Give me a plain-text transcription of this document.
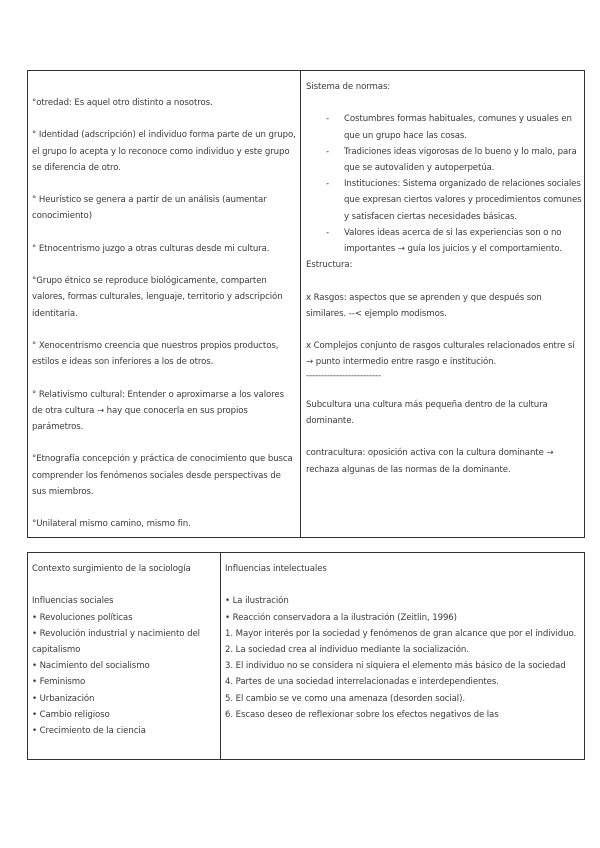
°otredad: Es aquel otro distinto a nosotros.

° Identidad (adscripción) el individuo forma parte de un grupo, el grupo lo acepta y lo reconoce como individuo y este grupo se diferencia de otro.

° Heurístico se genera a partir de un análisis (aumentar conocimiento)

° Etnocentrismo juzgo a otras culturas desde mi cultura.

°Grupo étnico se reproduce biológicamente, comparten valores, formas culturales, lenguaje, territorio y adscripción identitaria.

° Xenocentrismo creencia que nuestros propios productos, estilos e ideas son inferiores a los de otros.

° Relativismo cultural: Entender o aproximarse a los valores de otra cultura → hay que conocerla en sus propios parámetros.

°Etnografía concepción y práctica de conocimiento que busca comprender los fenómenos sociales desde perspectivas de sus miembros.

°Unilateral mismo camino, mismo fin.

Sistema de normas:

- Costumbres formas habituales, comunes y usuales en que un grupo hace las cosas.
- Tradiciones ideas vigorosas de lo bueno y lo malo, para que se autovaliden y autoperpetúa.
- Instituciones: Sistema organizado de relaciones sociales que expresan ciertos valores y procedimientos comunes y satisfacen ciertas necesidades básicas.
- Valores ideas acerca de si las experiencias son o no importantes → guía los juicios y el comportamiento.

Estructura:

x Rasgos: aspectos que se aprenden y que después son similares. --< ejemplo modismos.

x Complejos conjunto de rasgos culturales relacionados entre sí → punto intermedio entre rasgo e institución.

-------------------------

Subcultura una cultura más pequeña dentro de la cultura dominante.

contracultura: oposición activa con la cultura dominante → rechaza algunas de las normas de la dominante.

Contexto surgimiento de la sociología

Influencias sociales

• Revoluciones políticas

• Revolución industrial y nacimiento del capitalismo

• Nacimiento del socialismo

• Feminismo

• Urbanización

• Cambio religioso

• Crecimiento de la ciencia

Influencias intelectuales

• La ilustración

• Reacción conservadora a la ilustración (Zeitlin, 1996)

1. Mayor interés por la sociedad y fenómenos de gran alcance que por el individuo.

2. La sociedad crea al individuo mediante la socialización.

3. El individuo no se considera ni siquiera el elemento más básico de la sociedad

4. Partes de una sociedad interrelacionadas e interdependientes.

5. El cambio se ve como una amenaza (desorden social).

6. Escaso deseo de reflexionar sobre los efectos negativos de las
